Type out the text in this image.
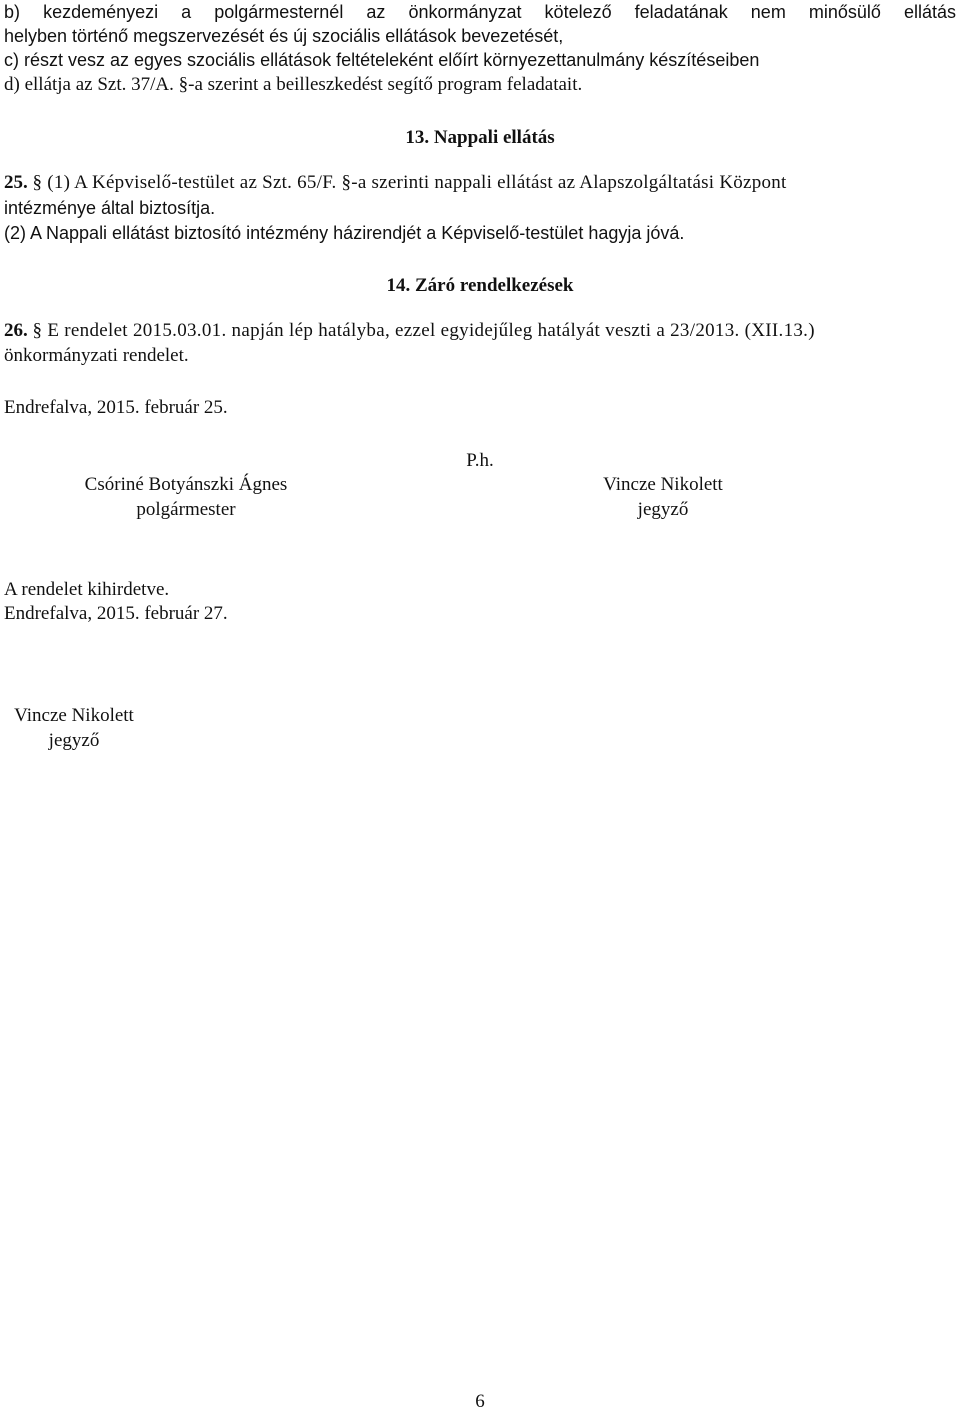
b) kezdeményezi a polgármesternél az önkormányzat kötelező feladatának nem minősülő ellátás
helyben történő megszervezését és új szociális ellátások bevezetését,
c) részt vesz az egyes szociális ellátások feltételeként előírt környezettanulmány készítéseiben
d) ellátja az Szt. 37/A. §-a szerint a beilleszkedést segítő program feladatait.
13. Nappali ellátás
25. § (1) A Képviselő-testület az Szt. 65/F. §-a szerinti nappali ellátást az Alapszolgáltatási Központ
intézménye által biztosítja.
(2) A Nappali ellátást biztosító intézmény házirendjét a Képviselő-testület hagyja jóvá.
14. Záró rendelkezések
26. § E rendelet 2015.03.01. napján lép hatályba, ezzel egyidejűleg hatályát veszti a 23/2013. (XII.13.)
önkormányzati rendelet.
Endrefalva, 2015. február 25.
P.h.
Csóriné Botyánszki Ágnes
polgármester
Vincze Nikolett
jegyző
A rendelet kihirdetve.
Endrefalva, 2015. február 27.
Vincze Nikolett
jegyző
6
